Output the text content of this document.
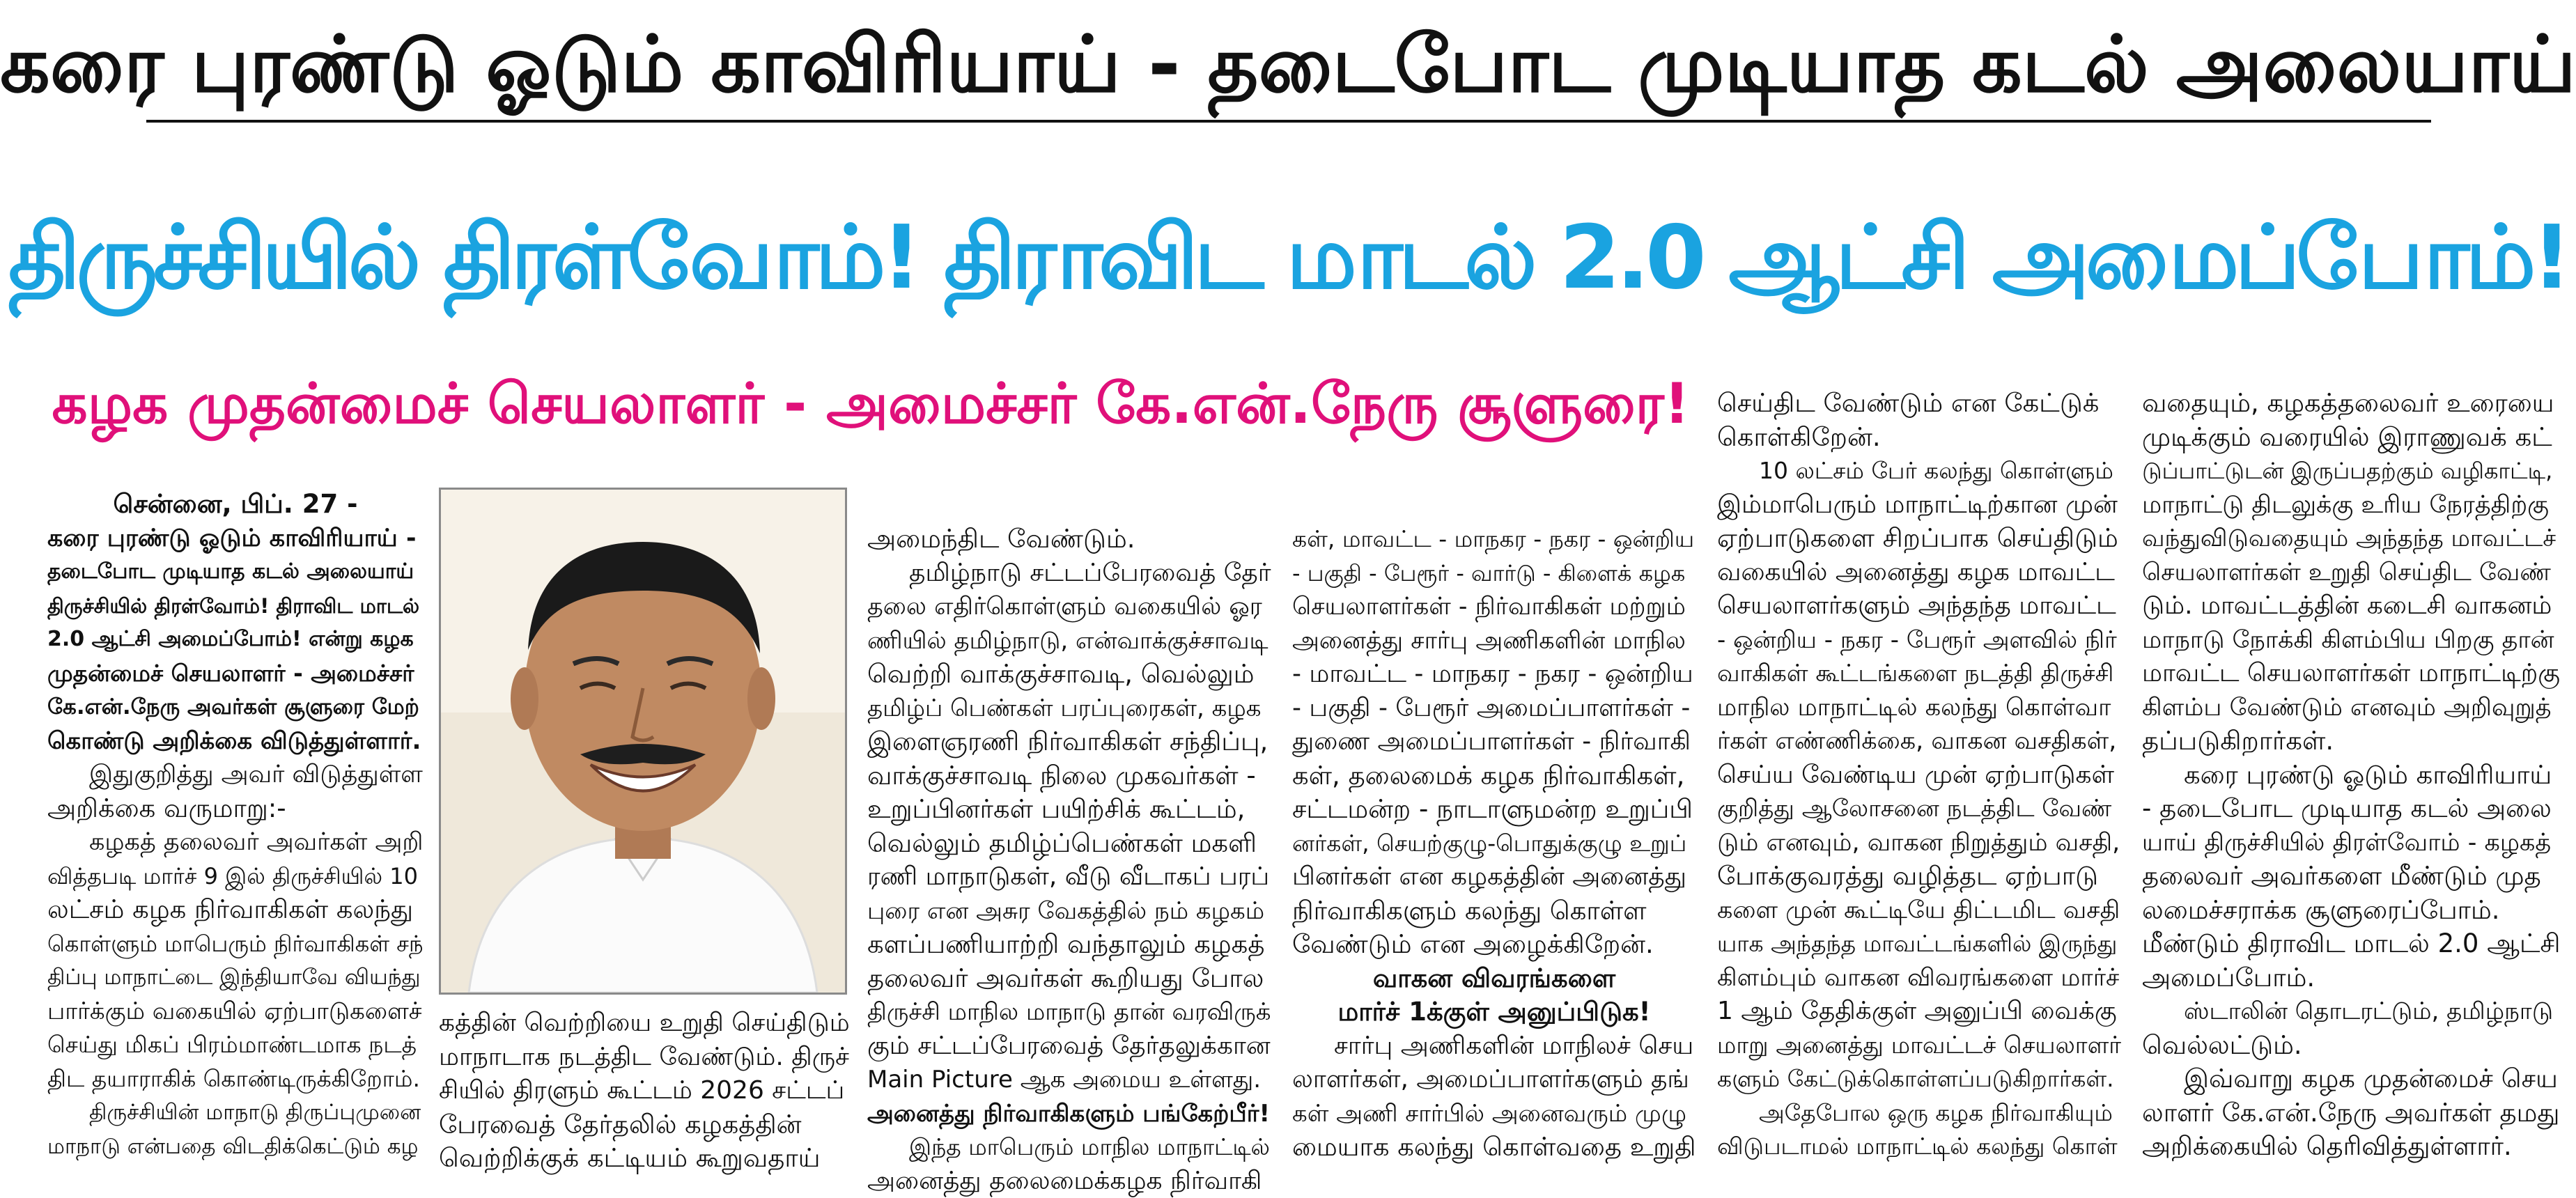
கரை புரண்டு ஓடும் காவிரியாய் - தடைபோட முடியாத கடல் அலையாய்
திருச்சியில் திரள்வோம்! திராவிட மாடல் 2.0 ஆட்சி அமைப்போம்!
கழக முதன்மைச் செயலாளர் - அமைச்சர் கே.என்.நேரு சூளுரை!

சென்னை, பிப். 27 -

கரை புரண்டு ஓடும் காவிரியாய் -

தடைபோட முடியாத கடல் அலையாய்

திருச்சியில் திரள்வோம்! திராவிட மாடல்

2.0 ஆட்சி அமைப்போம்! என்று கழக

முதன்மைச் செயலாளர் - அமைச்சர்

கே.என்.நேரு அவர்கள் சூளுரை மேற்

கொண்டு அறிக்கை விடுத்துள்ளார்.

இதுகுறித்து அவர் விடுத்துள்ள

அறிக்கை வருமாறு:-

கழகத் தலைவர் அவர்கள் அறி

வித்தபடி மார்ச் 9 இல் திருச்சியில் 10

லட்சம் கழக நிர்வாகிகள் கலந்து

கொள்ளும் மாபெரும் நிர்வாகிகள் சந்

திப்பு மாநாட்டை இந்தியாவே வியந்து

பார்க்கும் வகையில் ஏற்பாடுகளைச்

செய்து மிகப் பிரம்மாண்டமாக நடத்

திட தயாராகிக் கொண்டிருக்கிறோம்.

திருச்சியின் மாநாடு திருப்புமுனை

மாநாடு என்பதை விடதிக்கெட்டும் கழ

கத்தின் வெற்றியை உறுதி செய்திடும்

மாநாடாக நடத்திட வேண்டும். திருச்

சியில் திரளும் கூட்டம் 2026 சட்டப்

பேரவைத் தேர்தலில் கழகத்தின்

வெற்றிக்குக் கட்டியம் கூறுவதாய்

அமைந்திட வேண்டும்.

தமிழ்நாடு சட்டப்பேரவைத் தேர்

தலை எதிர்கொள்ளும் வகையில் ஓர

ணியில் தமிழ்நாடு, என்வாக்குச்சாவடி

வெற்றி வாக்குச்சாவடி, வெல்லும்

தமிழ்ப் பெண்கள் பரப்புரைகள், கழக

இளைஞரணி நிர்வாகிகள் சந்திப்பு,

வாக்குச்சாவடி நிலை முகவர்கள் -

உறுப்பினர்கள் பயிற்சிக் கூட்டம்,

வெல்லும் தமிழ்ப்பெண்கள் மகளி

ரணி மாநாடுகள், வீடு வீடாகப் பரப்

புரை என அசுர வேகத்தில் நம் கழகம்

களப்பணியாற்றி வந்தாலும் கழகத்

தலைவர் அவர்கள் கூறியது போல

திருச்சி மாநில மாநாடு தான் வரவிருக்

கும் சட்டப்பேரவைத் தேர்தலுக்கான

Main Picture ஆக அமைய உள்ளது.

அனைத்து நிர்வாகிகளும் பங்கேற்பீர்!

இந்த மாபெரும் மாநில மாநாட்டில்

அனைத்து தலைமைக்கழக நிர்வாகி

கள், மாவட்ட - மாநகர - நகர - ஒன்றிய

- பகுதி - பேரூர் - வார்டு - கிளைக் கழக

செயலாளர்கள் - நிர்வாகிகள் மற்றும்

அனைத்து சார்பு அணிகளின் மாநில

- மாவட்ட - மாநகர - நகர - ஒன்றிய

- பகுதி - பேரூர் அமைப்பாளர்கள் -

துணை அமைப்பாளர்கள் - நிர்வாகி

கள், தலைமைக் கழக நிர்வாகிகள்,

சட்டமன்ற - நாடாளுமன்ற உறுப்பி

னர்கள், செயற்குழு-பொதுக்குழு உறுப்

பினர்கள் என கழகத்தின் அனைத்து

நிர்வாகிகளும் கலந்து கொள்ள

வேண்டும் என அழைக்கிறேன்.

வாகன விவரங்களை

மார்ச் 1க்குள் அனுப்பிடுக!

சார்பு அணிகளின் மாநிலச் செய

லாளர்கள், அமைப்பாளர்களும் தங்

கள் அணி சார்பில் அனைவரும் முழு

மையாக கலந்து கொள்வதை உறுதி

செய்திட வேண்டும் என கேட்டுக்

கொள்கிறேன்.

10 லட்சம் பேர் கலந்து கொள்ளும்

இம்மாபெரும் மாநாட்டிற்கான முன்

ஏற்பாடுகளை சிறப்பாக செய்திடும்

வகையில் அனைத்து கழக மாவட்ட

செயலாளர்களும் அந்தந்த மாவட்ட

- ஒன்றிய - நகர - பேரூர் அளவில் நிர்

வாகிகள் கூட்டங்களை நடத்தி திருச்சி

மாநில மாநாட்டில் கலந்து கொள்வா

ர்கள் எண்ணிக்கை, வாகன வசதிகள்,

செய்ய வேண்டிய முன் ஏற்பாடுகள்

குறித்து ஆலோசனை நடத்திட வேண்

டும் எனவும், வாகன நிறுத்தும் வசதி,

போக்குவரத்து வழித்தட ஏற்பாடு

களை முன் கூட்டியே திட்டமிட வசதி

யாக அந்தந்த மாவட்டங்களில் இருந்து

கிளம்பும் வாகன விவரங்களை மார்ச்

1 ஆம் தேதிக்குள் அனுப்பி வைக்கு

மாறு அனைத்து மாவட்டச் செயலாளர்

களும் கேட்டுக்கொள்ளப்படுகிறார்கள்.

அதேபோல ஒரு கழக நிர்வாகியும்

விடுபடாமல் மாநாட்டில் கலந்து கொள்

வதையும், கழகத்தலைவர் உரையை

முடிக்கும் வரையில் இராணுவக் கட்

டுப்பாட்டுடன் இருப்பதற்கும் வழிகாட்டி,

மாநாட்டு திடலுக்கு உரிய நேரத்திற்கு

வந்துவிடுவதையும் அந்தந்த மாவட்டச்

செயலாளர்கள் உறுதி செய்திட வேண்

டும். மாவட்டத்தின் கடைசி வாகனம்

மாநாடு நோக்கி கிளம்பிய பிறகு தான்

மாவட்ட செயலாளர்கள் மாநாட்டிற்கு

கிளம்ப வேண்டும் எனவும் அறிவுறுத்

தப்படுகிறார்கள்.

கரை புரண்டு ஓடும் காவிரியாய்

- தடைபோட முடியாத கடல் அலை

யாய் திருச்சியில் திரள்வோம் - கழகத்

தலைவர் அவர்களை மீண்டும் முத

லமைச்சராக்க சூளுரைப்போம்.

மீண்டும் திராவிட மாடல் 2.0 ஆட்சி

அமைப்போம்.

ஸ்டாலின் தொடரட்டும், தமிழ்நாடு

வெல்லட்டும்.

இவ்வாறு கழக முதன்மைச் செய

லாளர் கே.என்.நேரு அவர்கள் தமது

அறிக்கையில் தெரிவித்துள்ளார்.
